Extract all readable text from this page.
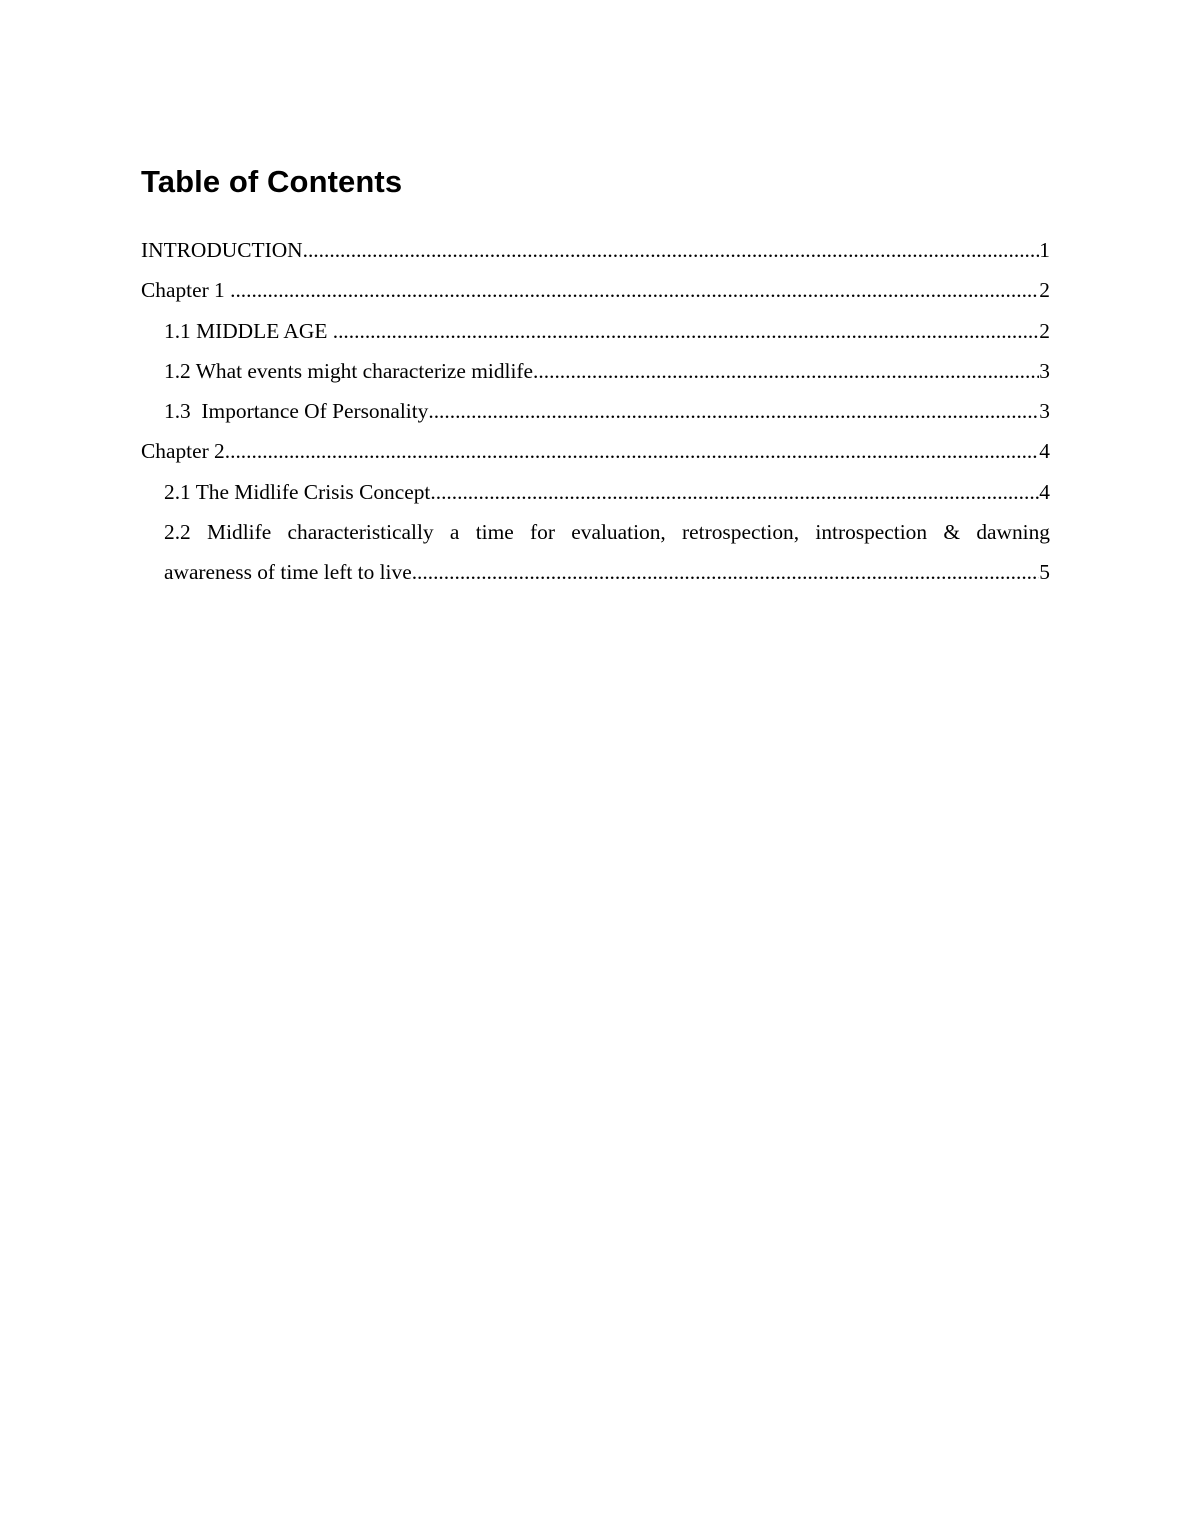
Table of Contents
INTRODUCTION .....	1
Chapter 1 .....	2
1.1 MIDDLE AGE .....	2
1.2 What events might characterize midlife .....	3
1.3  Importance Of Personality .....	3
Chapter 2 .....	4
2.1 The Midlife Crisis Concept .....	4
2.2 Midlife characteristically a time for evaluation, retrospection, introspection & dawning
awareness of time left to live .....	5
